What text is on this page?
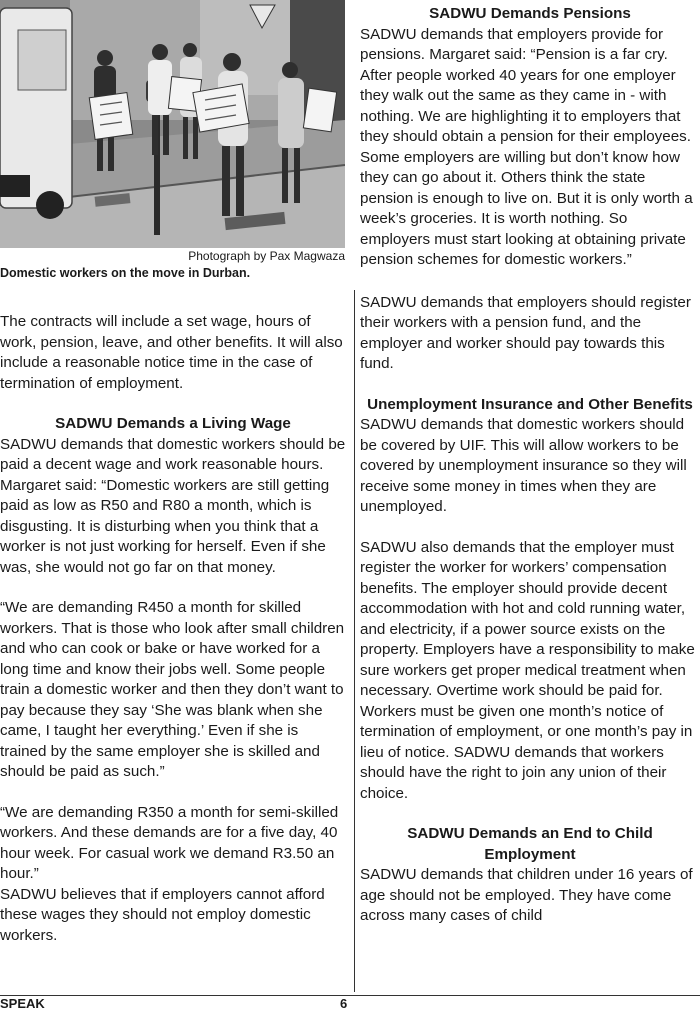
Photograph by Pax Magwaza
Domestic workers on the move in Durban.

The contracts will include a set wage, hours of work, pension, leave, and other benefits. It will also include a reasonable notice time in the case of termination of employment.

SADWU Demands a Living Wage

SADWU demands that domestic workers should be paid a decent wage and work reasonable hours. Margaret said: “Domestic workers are still getting paid as low as R50 and R80 a month, which is disgusting. It is disturbing when you think that a worker is not just working for herself. Even if she was, she would not go far on that money.

“We are demanding R450 a month for skilled workers. That is those who look after small children and who can cook or bake or have worked for a long time and know their jobs well. Some people train a domestic worker and then they don’t want to pay because they say ‘She was blank when she came, I taught her everything.’ Even if she is trained by the same employer she is skilled and should be paid as such.”

“We are demanding R350 a month for semi-skilled workers. And these demands are for a five day, 40 hour week. For casual work we demand R3.50 an hour.”

SADWU believes that if employers cannot afford these wages they should not employ domestic workers.

SADWU Demands Pensions

SADWU demands that employers provide for pensions. Margaret said: “Pension is a far cry. After people worked 40 years for one employer they walk out the same as they came in - with nothing. We are highlighting it to employers that they should obtain a pension for their employees. Some employers are willing but don’t know how they can go about it. Others think the state pension is enough to live on. But it is only worth a week’s groceries. It is worth nothing. So employers must start looking at obtaining private pension schemes for domestic workers.”

SADWU demands that employers should register their workers with a pension fund, and the employer and worker should pay towards this fund.

Unemployment Insurance and Other Benefits

SADWU demands that domestic workers should be covered by UIF. This will allow workers to be covered by unemployment insurance so they will receive some money in times when they are unemployed.

SADWU also demands that the employer must register the worker for workers’ compensation benefits. The employer should provide decent accommodation with hot and cold running water, and electricity, if a power source exists on the property. Employers have a responsibility to make sure workers get proper medical treatment when necessary. Overtime work should be paid for. Workers must be given one month’s notice of termination of employment, or one month’s pay in lieu of notice. SADWU demands that workers should have the right to join any union of their choice.

SADWU Demands an End to Child Employment

SADWU demands that children under 16 years of age should not be employed. They have come across many cases of child

SPEAK	6
